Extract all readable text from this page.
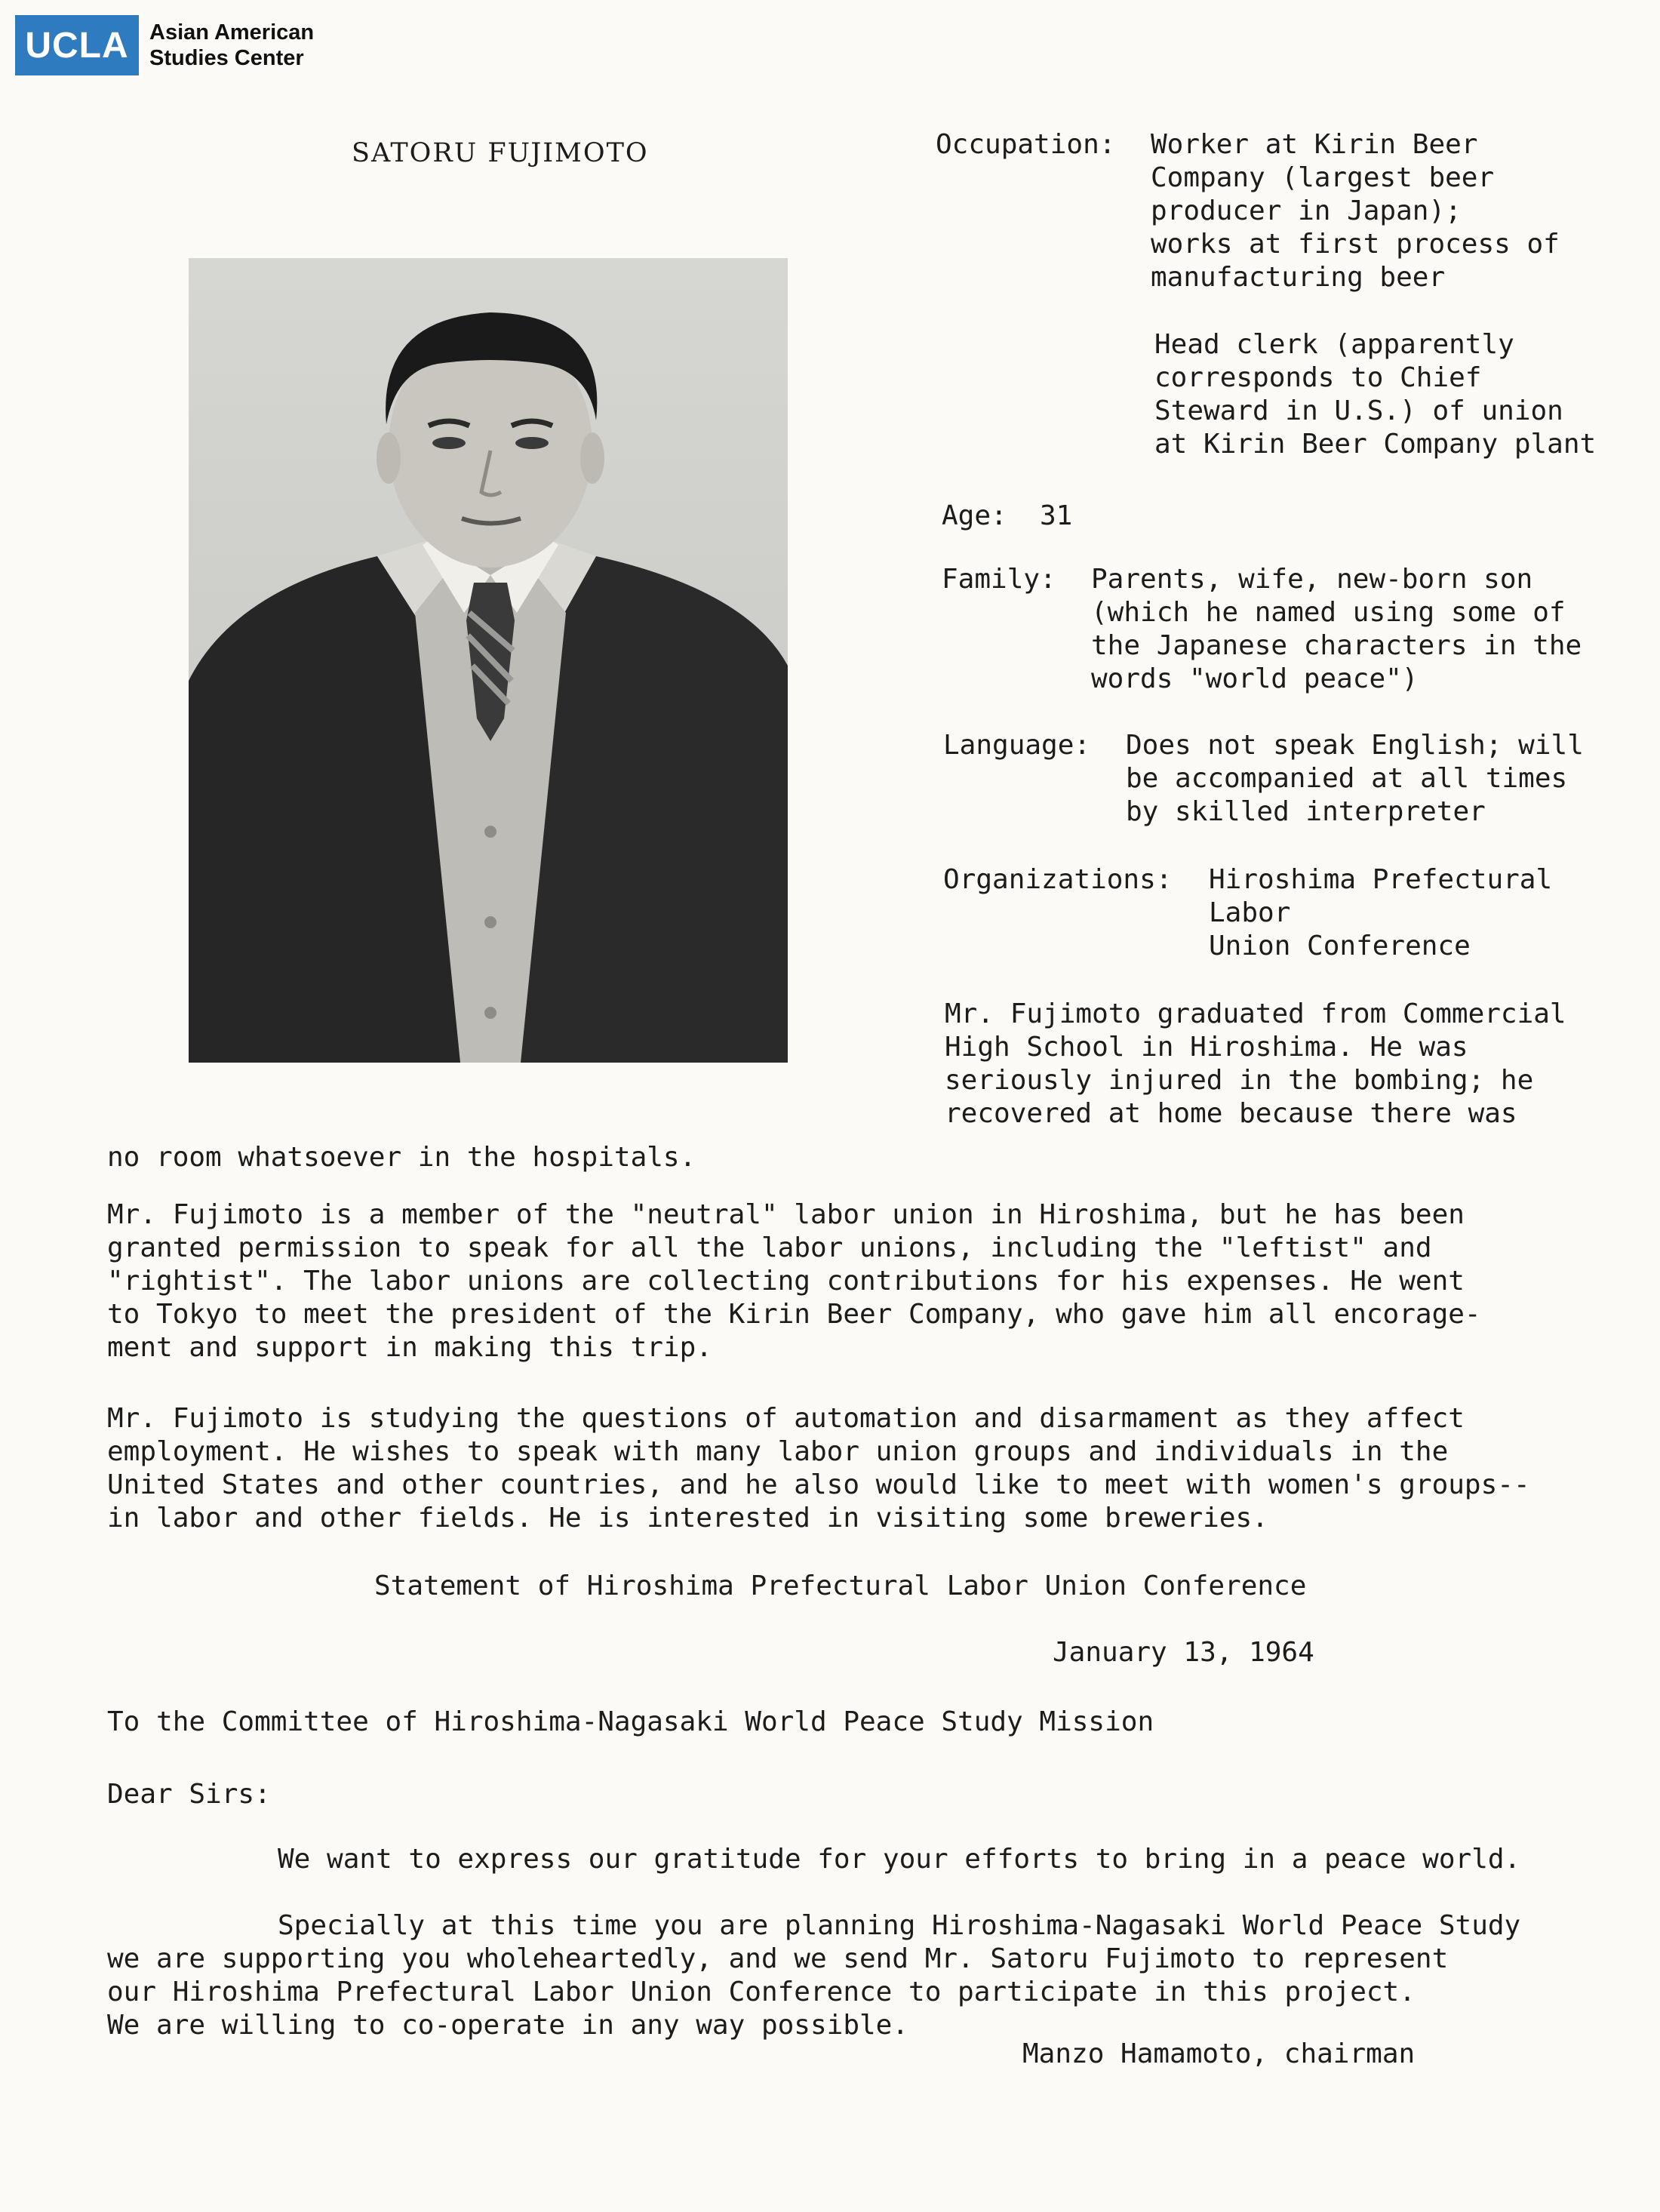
UCLA Asian American
Studies Center
SATORU FUJIMOTO	Occupation: Worker at Kirin Beer
Company (largest beer
producer in Japan);
works at first process of
manufacturing beer
Head clerk (apparently
corresponds to Chief
Steward in U.S.) of union
at Kirin Beer Company plant
Age: 31
Family: Parents, wife, new-born son
(which he named using some of
the Japanese characters in the
words "world peace")
Language: Does not speak English; will
be accompanied at all times
by skilled interpreter
Organizations: Hiroshima Prefectural
Labor
Union Conference
Mr. Fujimoto graduated from Commercial
High School in Hiroshima. He was
seriously injured in the bombing; he
recovered at home because there was
no room whatsoever in the hospitals.
Mr. Fujimoto is a member of the "neutral" labor union in Hiroshima, but he has been
granted permission to speak for all the labor unions, including the "leftist" and
"rightist". The labor unions are collecting contributions for his expenses. He went
to Tokyo to meet the president of the Kirin Beer Company, who gave him all encorage-
ment and support in making this trip.
Mr. Fujimoto is studying the questions of automation and disarmament as they affect
employment. He wishes to speak with many labor union groups and individuals in the
United States and other countries, and he also would like to meet with women's groups--
in labor and other fields. He is interested in visiting some breweries.
Statement of Hiroshima Prefectural Labor Union Conference
January 13, 1964
To the Committee of Hiroshima-Nagasaki World Peace Study Mission
Dear Sirs:
We want to express our gratitude for your efforts to bring in a peace world.
Specially at this time you are planning Hiroshima-Nagasaki World Peace Study
we are supporting you wholeheartedly, and we send Mr. Satoru Fujimoto to represent
our Hiroshima Prefectural Labor Union Conference to participate in this project.
We are willing to co-operate in any way possible.
Manzo Hamamoto, chairman
